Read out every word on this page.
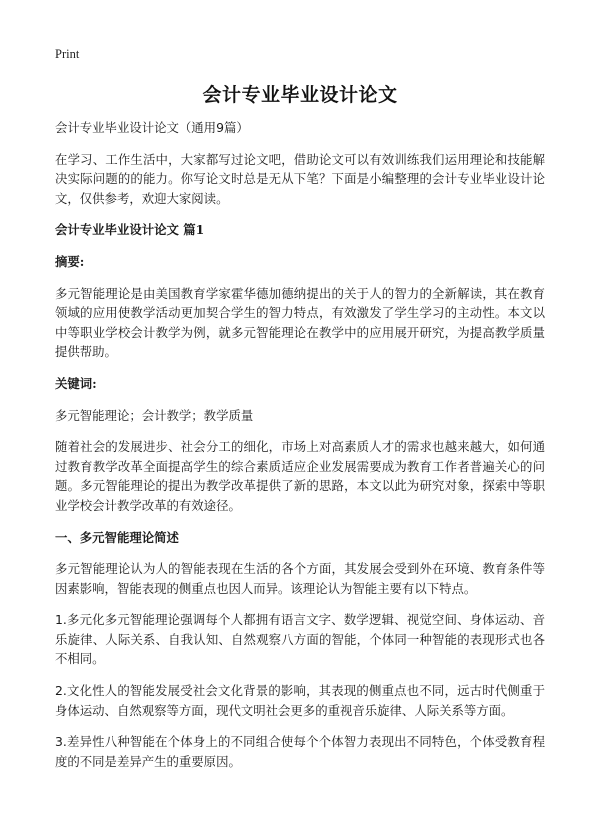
Print
会计专业毕业设计论文

会计专业毕业设计论文（通用9篇）

在学习、工作生活中，大家都写过论文吧，借助论文可以有效训练我们运用理论和技能解决实际问题的的能力。你写论文时总是无从下笔？下面是小编整理的会计专业毕业设计论文，仅供参考，欢迎大家阅读。

会计专业毕业设计论文 篇1

摘要:

多元智能理论是由美国教育学家霍华德加德纳提出的关于人的智力的全新解读，其在教育领域的应用使教学活动更加契合学生的智力特点，有效激发了学生学习的主动性。本文以中等职业学校会计教学为例，就多元智能理论在教学中的应用展开研究，为提高教学质量提供帮助。

关键词:

多元智能理论；会计教学；教学质量

随着社会的发展进步、社会分工的细化，市场上对高素质人才的需求也越来越大，如何通过教育教学改革全面提高学生的综合素质适应企业发展需要成为教育工作者普遍关心的问题。多元智能理论的提出为教学改革提供了新的思路，本文以此为研究对象，探索中等职业学校会计教学改革的有效途径。

一、多元智能理论简述

多元智能理论认为人的智能表现在生活的各个方面，其发展会受到外在环境、教育条件等因素影响，智能表现的侧重点也因人而异。该理论认为智能主要有以下特点。

1.多元化多元智能理论强调每个人都拥有语言文字、数学逻辑、视觉空间、身体运动、音乐旋律、人际关系、自我认知、自然观察八方面的智能，个体同一种智能的表现形式也各不相同。

2.文化性人的智能发展受社会文化背景的影响，其表现的侧重点也不同，远古时代侧重于身体运动、自然观察等方面，现代文明社会更多的重视音乐旋律、人际关系等方面。

3.差异性八种智能在个体身上的不同组合使每个个体智力表现出不同特色，个体受教育程度的不同是差异产生的重要原因。
